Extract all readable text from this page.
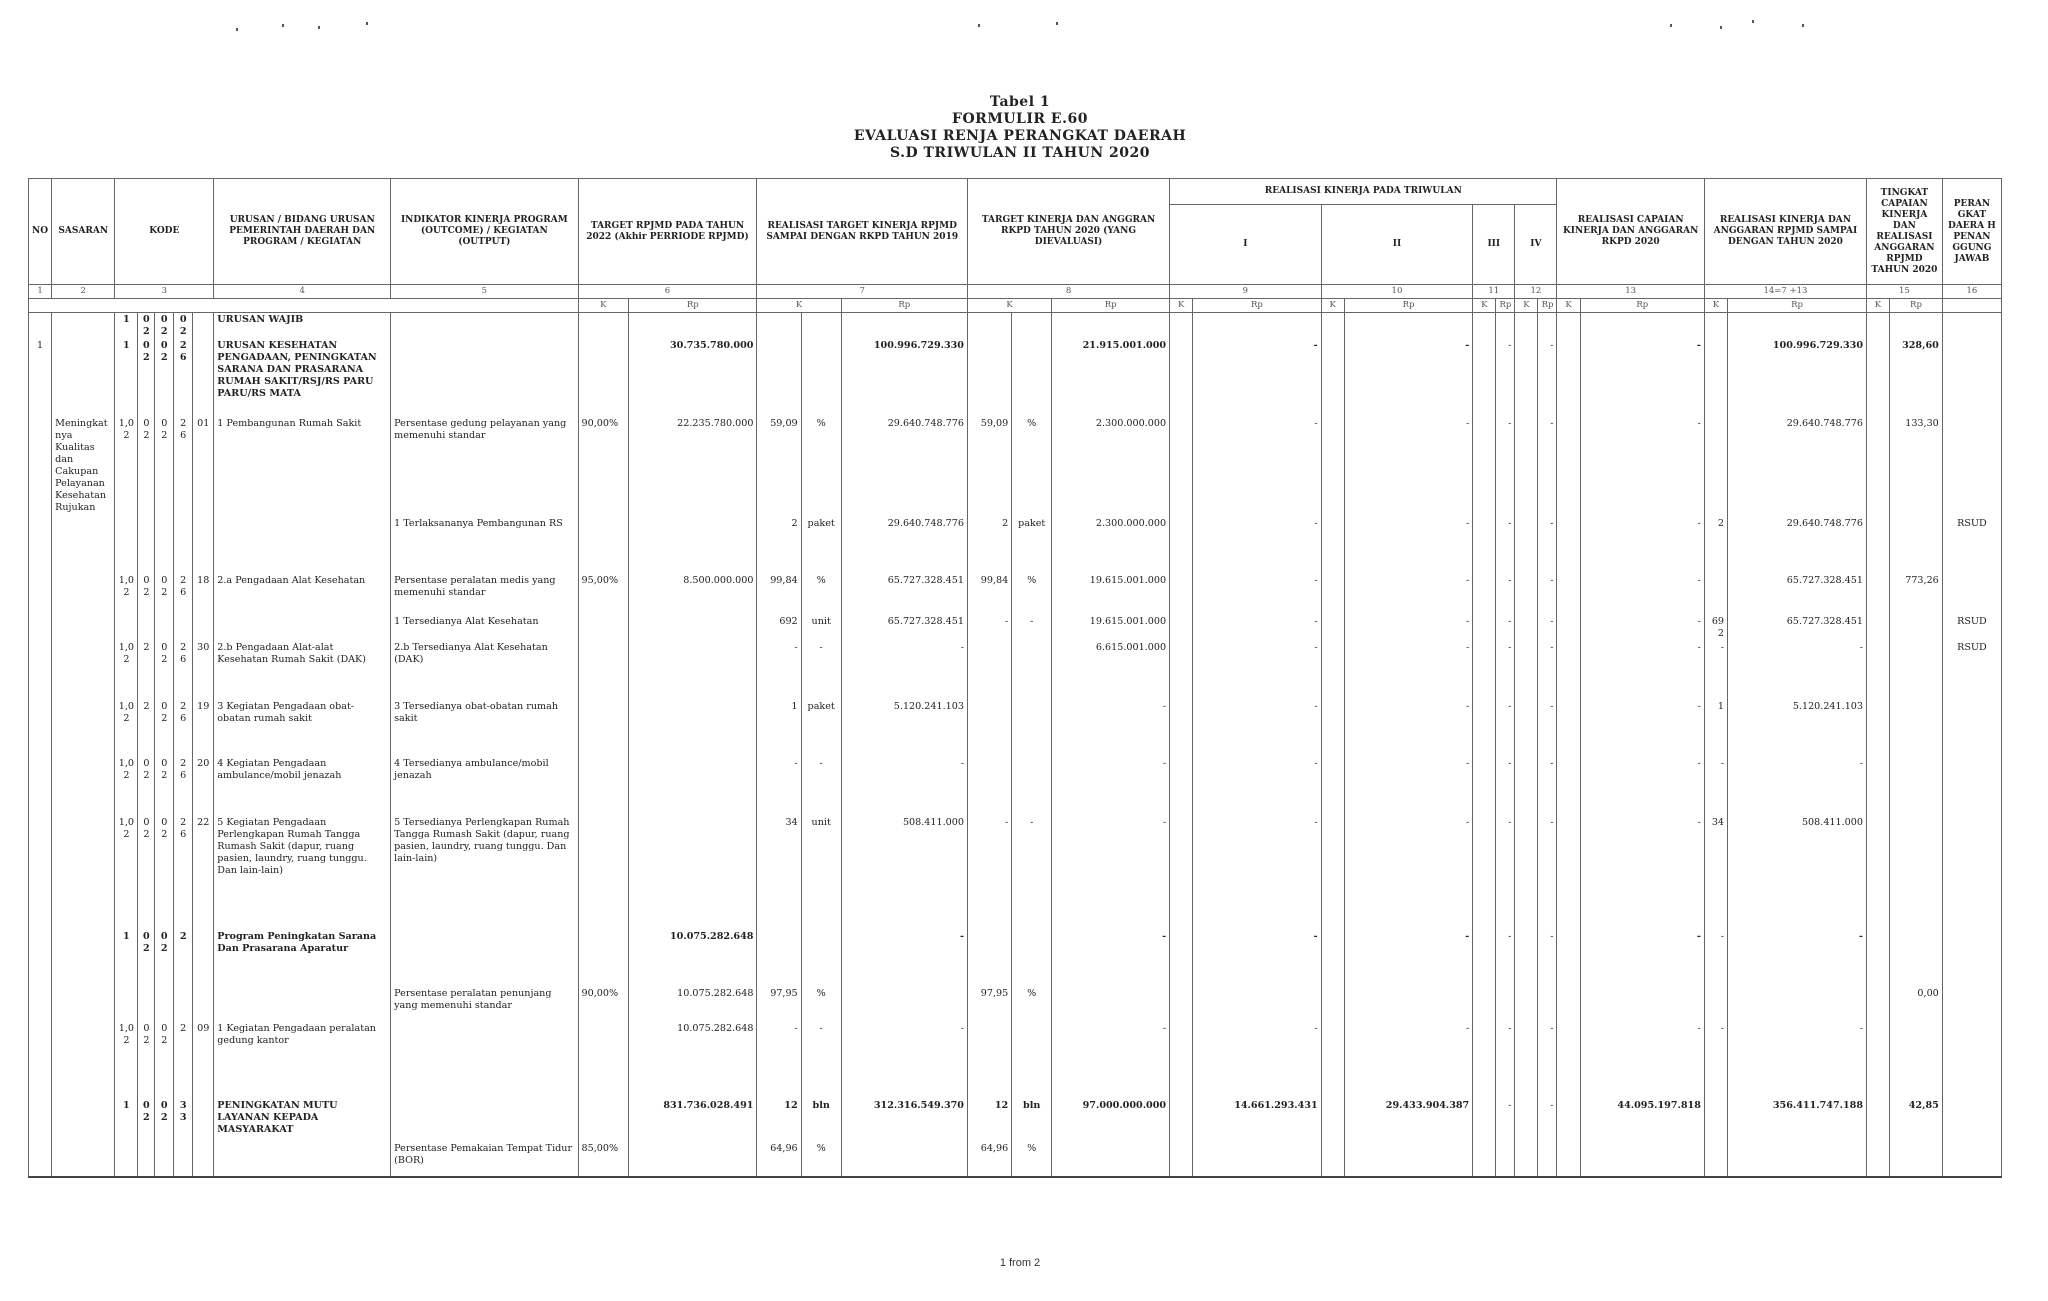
Tabel 1
FORMULIR E.60
EVALUASI RENJA PERANGKAT DAERAH
S.D TRIWULAN II TAHUN 2020
NO	SASARAN	KODE					URUSAN / BIDANG URUSAN PEMERINTAH DAERAH DAN PROGRAM / KEGIATAN	INDIKATOR KINERJA PROGRAM (OUTCOME) / KEGIATAN (OUTPUT)	TARGET RPJMD PADA TAHUN 2022 (Akhir PERRIODE RPJMD)		REALISASI TARGET KINERJA RPJMD SAMPAI DENGAN RKPD TAHUN 2019			TARGET KINERJA DAN ANGGRAN RKPD TAHUN 2020 (YANG DIEVALUASI)			REALISASI KINERJA PADA TRIWULAN								REALISASI CAPAIAN KINERJA DAN ANGGARAN RKPD 2020		REALISASI KINERJA DAN ANGGARAN RPJMD SAMPAI DENGAN TAHUN 2020		TINGKAT CAPAIAN KINERJA DAN REALISASI ANGGARAN RPJMD TAHUN 2020		PERAN GKAT DAERA H PENAN GGUNG JAWAB
																	I		II		III		IV								
1	2	3					4	5	6		7			8			9		10		11		12		13		14=7 +13		15		16
									K	Rp	K		Rp	K		Rp	K	Rp	K	Rp	K	Rp	K	Rp	K	Rp	K	Rp	K	Rp	
		1	02	02	02		URUSAN WAJIB																								
1		1	02	02	26		URUSAN KESEHATAN PENGADAAN, PENINGKATAN SARANA DAN PRASARANA RUMAH SAKIT/RSJ/RS PARU PARU/RS MATA			30.735.780.000			100.996.729.330			21.915.001.000		-		-		-		-		-		100.996.729.330		328,60	
	Meningkatnya Kualitas dan Cakupan Pelayanan Kesehatan Rujukan	1,02	02	02	26	01	1 Pembangunan Rumah Sakit	Persentase gedung pelayanan yang memenuhi standar	90,00%	22.235.780.000	59,09	%	29.640.748.776	59,09	%	2.300.000.000		-		-		-		-		-		29.640.748.776		133,30	
								1 Terlaksananya Pembangunan RS			2	paket	29.640.748.776	2	paket	2.300.000.000		-		-		-		-		-	2	29.640.748.776			RSUD
		1,02	02	02	26	18	2.a Pengadaan Alat Kesehatan	Persentase peralatan medis yang memenuhi standar	95,00%	8.500.000.000	99,84	%	65.727.328.451	99,84	%	19.615.001.000		-		-		-		-		-		65.727.328.451		773,26	
								1 Tersedianya Alat Kesehatan			692	unit	65.727.328.451	-	-	19.615.001.000		-		-		-		-		-	692	65.727.328.451			RSUD
		1,02	2	02	26	30	2.b Pengadaan Alat-alat Kesehatan Rumah Sakit (DAK)	2.b Tersedianya Alat Kesehatan (DAK)			-	-	-			6.615.001.000		-		-		-		-		-	-	-			RSUD
		1,02	2	02	26	19	3 Kegiatan Pengadaan obat-obatan rumah sakit	3 Tersedianya obat-obatan rumah sakit			1	paket	5.120.241.103			-		-		-		-		-		-	1	5.120.241.103			
		1,02	02	02	26	20	4 Kegiatan Pengadaan ambulance/mobil jenazah	4 Tersedianya ambulance/mobil jenazah			-	-	-			-		-		-		-		-		-	-	-			
		1,02	02	02	26	22	5 Kegiatan Pengadaan Perlengkapan Rumah Tangga Rumash Sakit (dapur, ruang pasien, laundry, ruang tunggu. Dan lain-lain)	5 Tersedianya Perlengkapan Rumah Tangga Rumash Sakit (dapur, ruang pasien, laundry, ruang tunggu. Dan lain-lain)			34	unit	508.411.000	-	-	-		-		-		-		-		-	34	508.411.000			
		1	02	02	2		Program Peningkatan Sarana Dan Prasarana Aparatur			10.075.282.648			-			-		-		-		-		-		-	-	-			
								Persentase peralatan penunjang yang memenuhi standar	90,00%	10.075.282.648	97,95	%		97,95	%															0,00	
		1,02	02	02	2	09	1 Kegiatan Pengadaan peralatan gedung kantor			10.075.282.648	-	-	-			-		-		-		-		-		-	-	-			
		1	02	02	33		PENINGKATAN MUTU LAYANAN KEPADA MASYARAKAT			831.736.028.491	12	bln	312.316.549.370	12	bln	97.000.000.000		14.661.293.431		29.433.904.387		-		-		44.095.197.818		356.411.747.188		42,85	
								Persentase Pemakaian Tempat Tidur (BOR)	85,00%		64,96	%		64,96	%																
1 from 2
